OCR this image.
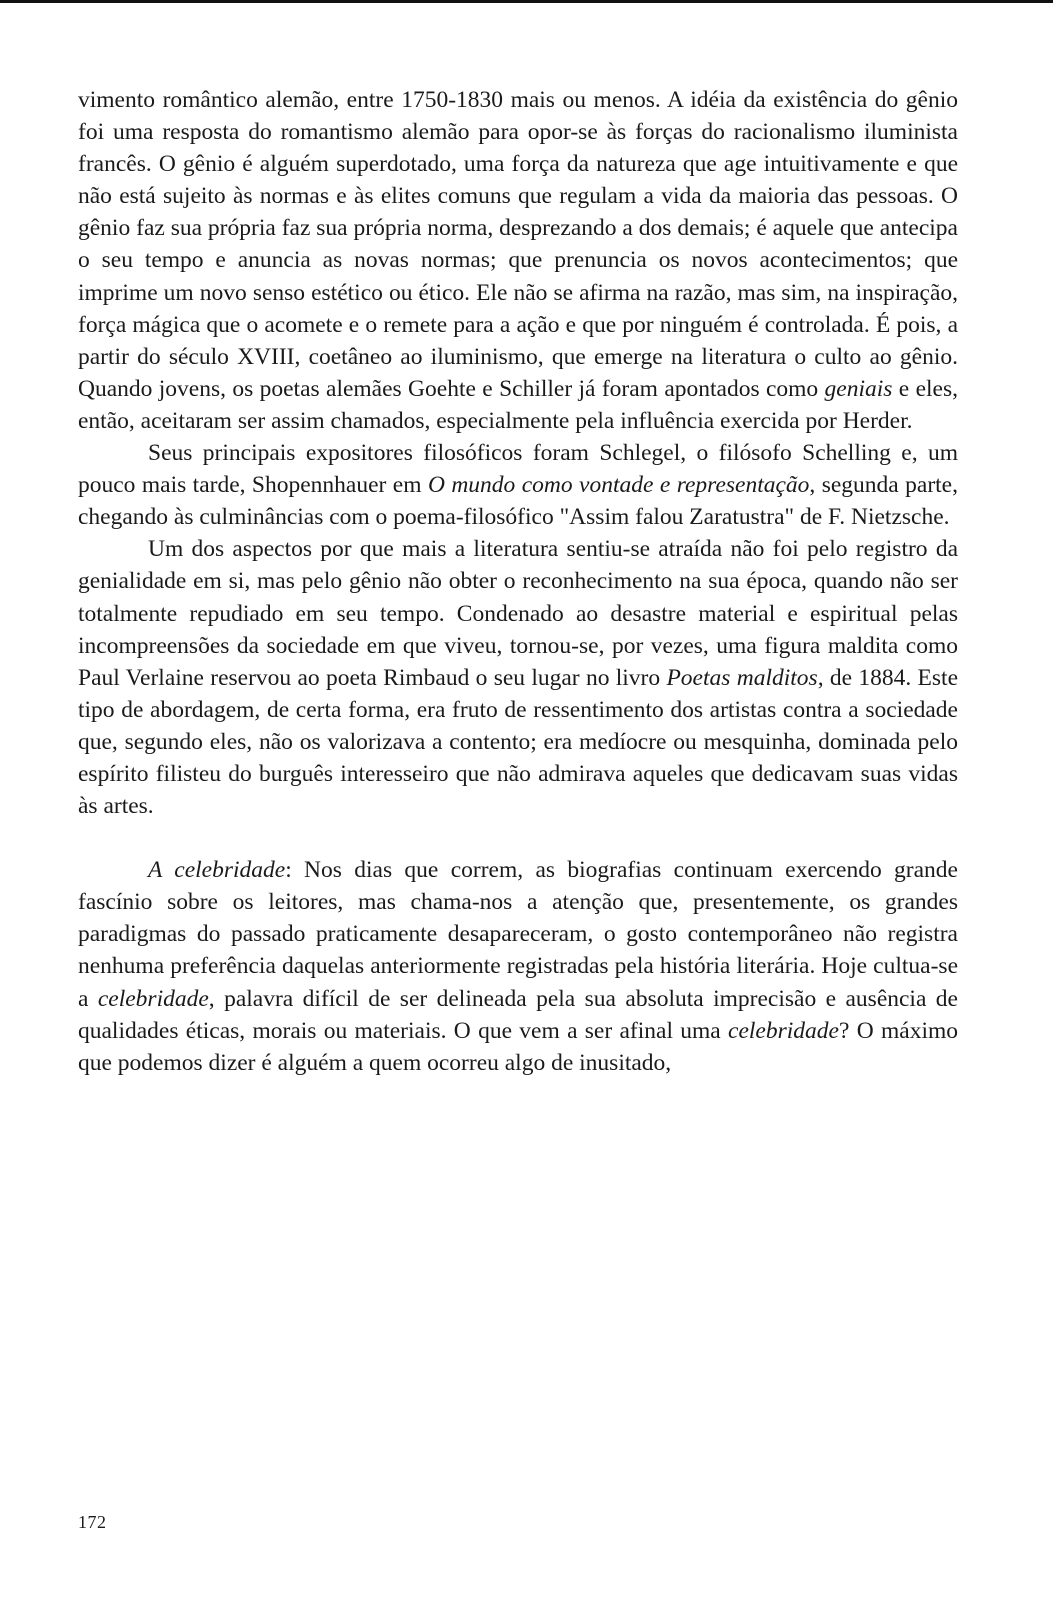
vimento romântico alemão, entre 1750-1830 mais ou menos. A idéia da existência do gênio foi uma resposta do romantismo alemão para opor-se às forças do racionalismo iluminista francês. O gênio é alguém superdotado, uma força da natureza que age intuitivamente e que não está sujeito às normas e às elites comuns que regulam a vida da maioria das pessoas. O gênio faz sua própria faz sua própria norma, desprezando a dos demais; é aquele que antecipa o seu tempo e anuncia as novas normas; que prenuncia os novos acontecimentos; que imprime um novo senso estético ou ético. Ele não se afirma na razão, mas sim, na inspiração, força mágica que o acomete e o remete para a ação e que por ninguém é controlada. É pois, a partir do século XVIII, coetâneo ao iluminismo, que emerge na literatura o culto ao gênio. Quando jovens, os poetas alemães Goehte e Schiller já foram apontados como geniais e eles, então, aceitaram ser assim chamados, especialmente pela influência exercida por Herder.

Seus principais expositores filosóficos foram Schlegel, o filósofo Schelling e, um pouco mais tarde, Shopennhauer em O mundo como vontade e representação, segunda parte, chegando às culminâncias com o poema-filosófico "Assim falou Zaratustra" de F. Nietzsche.

Um dos aspectos por que mais a literatura sentiu-se atraída não foi pelo registro da genialidade em si, mas pelo gênio não obter o reconhecimento na sua época, quando não ser totalmente repudiado em seu tempo. Condenado ao desastre material e espiritual pelas incompreensões da sociedade em que viveu, tornou-se, por vezes, uma figura maldita como Paul Verlaine reservou ao poeta Rimbaud o seu lugar no livro Poetas malditos, de 1884. Este tipo de abordagem, de certa forma, era fruto de ressentimento dos artistas contra a sociedade que, segundo eles, não os valorizava a contento; era medíocre ou mesquinha, dominada pelo espírito filisteu do burguês interesseiro que não admirava aqueles que dedicavam suas vidas às artes.

A celebridade: Nos dias que correm, as biografias continuam exercendo grande fascínio sobre os leitores, mas chama-nos a atenção que, presentemente, os grandes paradigmas do passado praticamente desapareceram, o gosto contemporâneo não registra nenhuma preferência daquelas anteriormente registradas pela história literária. Hoje cultua-se a celebridade, palavra difícil de ser delineada pela sua absoluta imprecisão e ausência de qualidades éticas, morais ou materiais. O que vem a ser afinal uma celebridade? O máximo que podemos dizer é alguém a quem ocorreu algo de inusitado,

172
